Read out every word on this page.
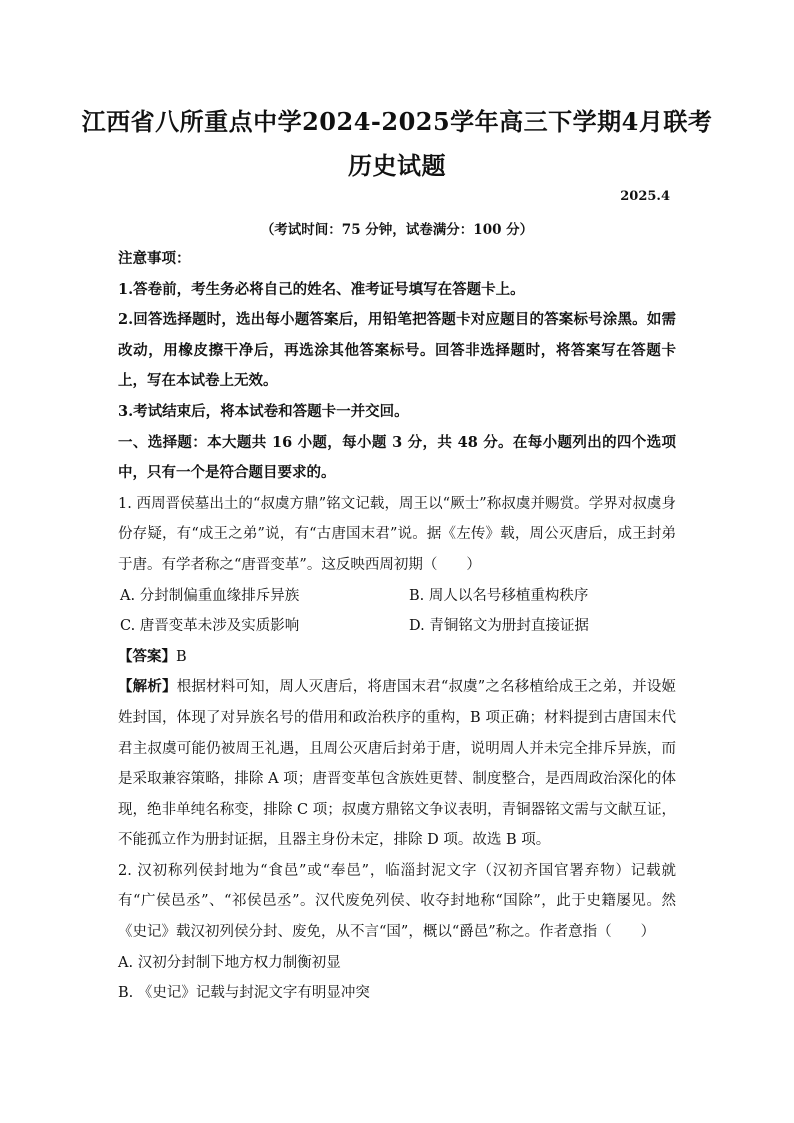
江西省八所重点中学2024-2025学年高三下学期4月联考
历史试题
2025.4
（考试时间：75 分钟，试卷满分：100 分）

注意事项：

1.答卷前，考生务必将自己的姓名、准考证号填写在答题卡上。

2.回答选择题时，选出每小题答案后，用铅笔把答题卡对应题目的答案标号涂黑。如需改动，用橡皮擦干净后，再选涂其他答案标号。回答非选择题时，将答案写在答题卡上，写在本试卷上无效。

3.考试结束后，将本试卷和答题卡一并交回。

一、选择题：本大题共 16 小题，每小题 3 分，共 48 分。在每小题列出的四个选项中，只有一个是符合题目要求的。

1. 西周晋侯墓出土的“叔虞方鼎”铭文记载，周王以“厥士”称叔虞并赐赏。学界对叔虞身份存疑，有“成王之弟”说，有“古唐国末君”说。据《左传》载，周公灭唐后，成王封弟于唐。有学者称之“唐晋变革”。这反映西周初期（　　）

A. 分封制偏重血缘排斥异族	B. 周人以名号移植重构秩序
C. 唐晋变革未涉及实质影响	D. 青铜铭文为册封直接证据

【答案】B

【解析】根据材料可知，周人灭唐后，将唐国末君“叔虞”之名移植给成王之弟，并设姬姓封国，体现了对异族名号的借用和政治秩序的重构，B 项正确；材料提到古唐国末代君主叔虞可能仍被周王礼遇，且周公灭唐后封弟于唐，说明周人并未完全排斥异族，而是采取兼容策略，排除 A 项；唐晋变革包含族姓更替、制度整合，是西周政治深化的体现，绝非单纯名称变，排除 C 项；叔虞方鼎铭文争议表明，青铜器铭文需与文献互证，不能孤立作为册封证据，且器主身份未定，排除 D 项。故选 B 项。

2. 汉初称列侯封地为“食邑”或“奉邑”，临淄封泥文字（汉初齐国官署弃物）记载就有“广侯邑丞”、“祁侯邑丞”。汉代废免列侯、收夺封地称“国除”，此于史籍屡见。然《史记》载汉初列侯分封、废免，从不言“国”，概以“爵邑”称之。作者意指（　　）

A. 汉初分封制下地方权力制衡初显

B. 《史记》记载与封泥文字有明显冲突
